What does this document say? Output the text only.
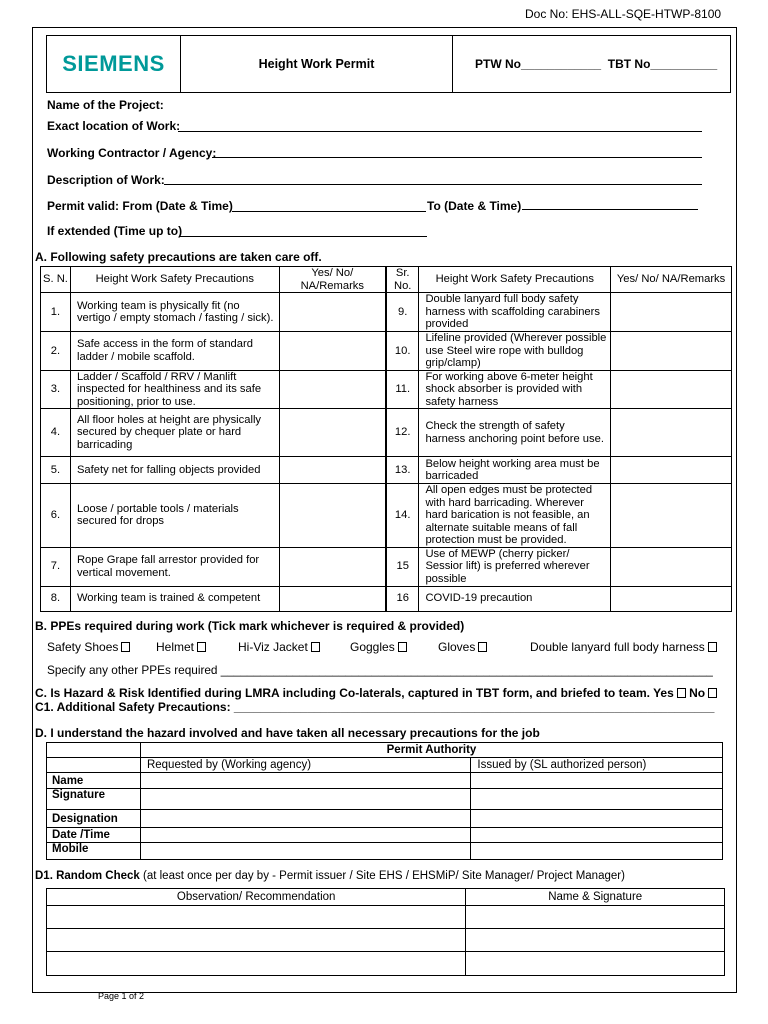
Doc No: EHS-ALL-SQE-HTWP-8100
SIEMENS	Height Work Permit	PTW No____________  TBT No__________
Name of the Project:
Exact location of Work:
Working Contractor / Agency:
Description of Work:
Permit valid: From (Date & Time)	To (Date & Time)
If extended (Time up to)
A. Following safety precautions are taken care off.
S. N.	Height Work Safety Precautions	Yes/ No/ NA/Remarks	Sr. No.	Height Work Safety Precautions	Yes/ No/ NA/Remarks
1.	Working team is physically fit (no vertigo / empty stomach / fasting / sick).		9.	Double lanyard full body safety harness with scaffolding carabiners provided	
2.	Safe access in the form of standard ladder / mobile scaffold.		10.	Lifeline provided (Wherever possible use Steel wire rope with bulldog grip/clamp)	
3.	Ladder / Scaffold / RRV / Manlift inspected for healthiness and its safe positioning, prior to use.		11.	For working above 6-meter height shock absorber is provided with safety harness	
4.	All floor holes at height are physically secured by chequer plate or hard barricading		12.	Check the strength of safety harness anchoring point before use.	
5.	Safety net for falling objects provided		13.	Below height working area must be barricaded	
6.	Loose / portable tools / materials secured for drops		14.	All open edges must be protected with hard barricading. Wherever hard barication is not feasible, an alternate suitable means of fall protection must be provided.	
7.	Rope Grape fall arrestor provided for vertical movement.		15	Use of MEWP (cherry picker/ Sessior lift) is preferred wherever possible	
8.	Working team is trained & competent		16	COVID-19 precaution	
B. PPEs required during work (Tick mark whichever is required & provided)
Safety Shoes	Helmet	Hi-Viz Jacket	Goggles	Gloves	Double lanyard full body harness
Specify any other PPEs required ___________________________________________________________________________
C. Is Hazard & Risk Identified during LMRA including Co-laterals, captured in TBT form, and briefed to team. Yes No
C1. Additional Safety Precautions: ________________________________________________________________________
D. I understand the hazard involved and have taken all necessary precautions for the job
	Permit Authority	
	Requested by (Working agency)	Issued by (SL authorized person)
Name		
Signature		
Designation		
Date /Time		
Mobile		
D1. Random Check (at least once per day by - Permit issuer / Site EHS / EHSMiP/ Site Manager/ Project Manager)
Observation/ Recommendation	Name & Signature

Page 1 of 2
